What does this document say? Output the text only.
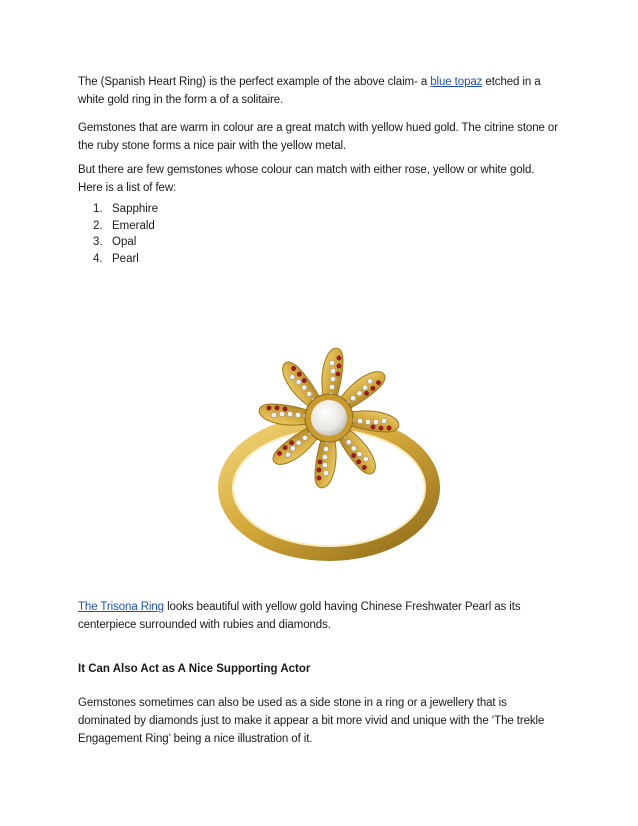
The (Spanish Heart Ring) is the perfect example of the above claim- a blue topaz etched in a white gold ring in the form a of a solitaire.

Gemstones that are warm in colour are a great match with yellow hued gold. The citrine stone or the ruby stone forms a nice pair with the yellow metal.

But there are few gemstones whose colour can match with either rose, yellow or white gold. Here is a list of few:

1. Sapphire
2. Emerald
3. Opal
4. Pearl

The Trisona Ring looks beautiful with yellow gold having Chinese Freshwater Pearl as its centerpiece surrounded with rubies and diamonds.

It Can Also Act as A Nice Supporting Actor

Gemstones sometimes can also be used as a side stone in a ring or a jewellery that is dominated by diamonds just to make it appear a bit more vivid and unique with the ‘The trekle Engagement Ring’ being a nice illustration of it.
